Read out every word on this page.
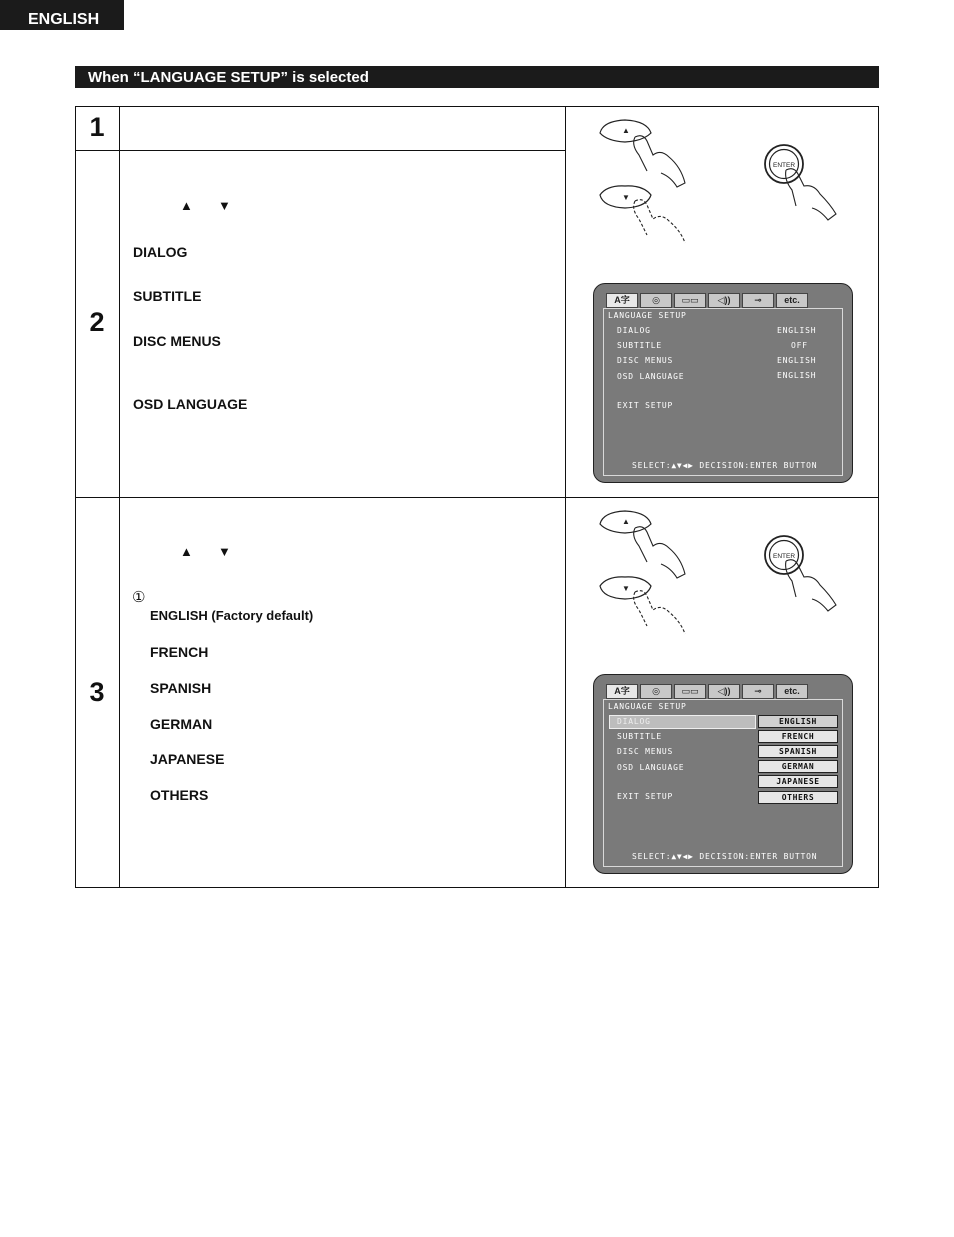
ENGLISH
When “LANGUAGE SETUP” is selected
1
2
3
▲ ▼
DIALOG
SUBTITLE
DISC MENUS
OSD LANGUAGE
▲ ▼
①
ENGLISH (Factory default)
FRENCH
SPANISH
GERMAN
JAPANESE
OTHERS
▲
▼
ENTER
▲
▼
ENTER
A字	◎	▭▭	◁))	⊸	etc.
LANGUAGE SETUP
DIALOG	ENGLISH
SUBTITLE	OFF
DISC MENUS	ENGLISH
OSD LANGUAGE	ENGLISH
EXIT SETUP
SELECT:▲▼◀▶ DECISION:ENTER BUTTON
A字	◎	▭▭	◁))	⊸	etc.
LANGUAGE SETUP
DIALOG
SUBTITLE
DISC MENUS
OSD LANGUAGE
ENGLISH
FRENCH
SPANISH
GERMAN
JAPANESE
OTHERS
EXIT SETUP
SELECT:▲▼◀▶ DECISION:ENTER BUTTON
